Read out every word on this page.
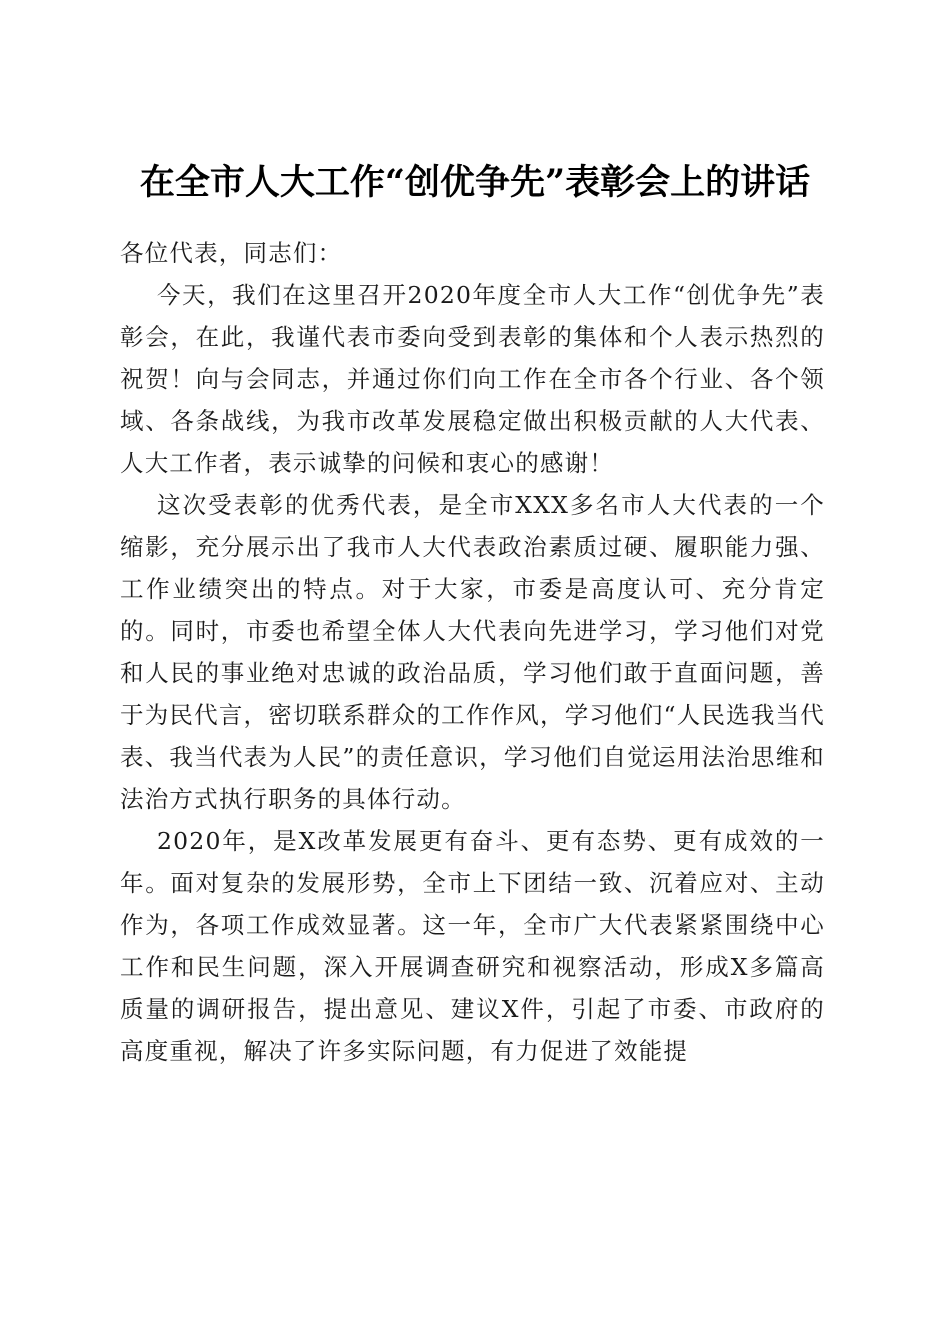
在全市人大工作“创优争先”表彰会上的讲话

各位代表，同志们：

今天，我们在这里召开2020年度全市人大工作“创优争先”表彰会，在此，我谨代表市委向受到表彰的集体和个人表示热烈的祝贺！向与会同志，并通过你们向工作在全市各个行业、各个领域、各条战线，为我市改革发展稳定做出积极贡献的人大代表、人大工作者，表示诚挚的问候和衷心的感谢！

这次受表彰的优秀代表，是全市XXX多名市人大代表的一个缩影，充分展示出了我市人大代表政治素质过硬、履职能力强、工作业绩突出的特点。对于大家，市委是高度认可、充分肯定的。同时，市委也希望全体人大代表向先进学习，学习他们对党和人民的事业绝对忠诚的政治品质，学习他们敢于直面问题，善于为民代言，密切联系群众的工作作风，学习他们“人民选我当代表、我当代表为人民”的责任意识，学习他们自觉运用法治思维和法治方式执行职务的具体行动。

2020年，是X改革发展更有奋斗、更有态势、更有成效的一年。面对复杂的发展形势，全市上下团结一致、沉着应对、主动作为，各项工作成效显著。这一年，全市广大代表紧紧围绕中心工作和民生问题，深入开展调查研究和视察活动，形成X多篇高质量的调研报告，提出意见、建议X件，引起了市委、市政府的高度重视，解决了许多实际问题，有力促进了效能提
